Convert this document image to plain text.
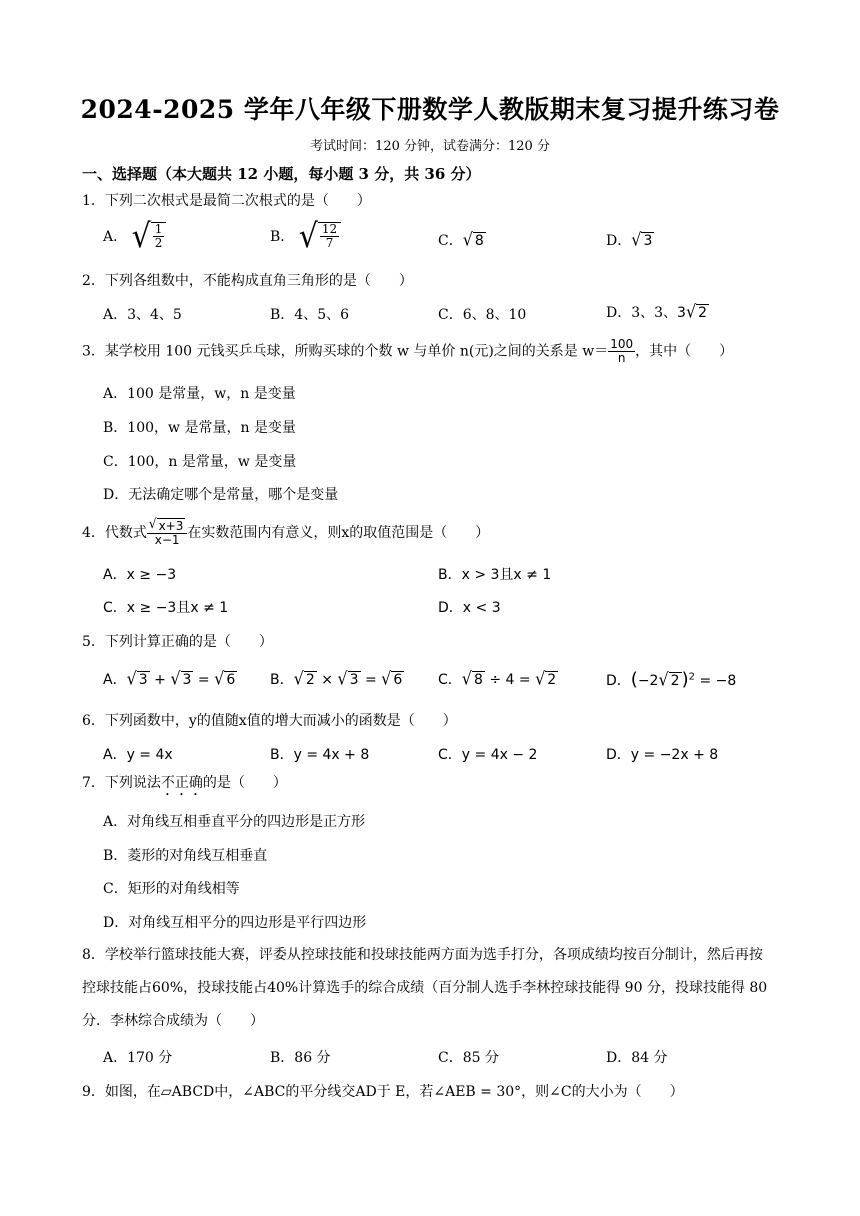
2024-2025 学年八年级下册数学人教版期末复习提升练习卷
考试时间：120 分钟，试卷满分：120 分
一、选择题（本大题共 12 小题，每小题 3 分，共 36 分）
1．下列二次根式是最简二次根式的是（　　）
A． √ $\frac{1}{2}$	B． √ $\frac{12}{7}$	C． √ 8	D． √ 3
2．下列各组数中，不能构成直角三角形的是（　　）
A．3、4、5	B．4、5、6	C．6、8、10	D．3、3、3 √ 2
3．某学校用 100 元钱买乒乓球，所购买球的个数 w 与单价 n(元)之间的关系是 $w= \frac{100}{n}$ ，其中（　　）
A．100 是常量，w，n 是变量
B．100，w 是常量，n 是变量
C．100，n 是常量，w 是变量
D．无法确定哪个是常量，哪个是变量
4．代数式 $\frac{√ x+3}{x-1}$ 在实数范围内有意义，则x的取值范围是（　　）
A．x ≥ −3	B．x > 3且x ≠ 1
C．x ≥ −3且x ≠ 1	D．x < 3
5．下列计算正确的是（　　）
A． √ 3 + √ 3 = √ 6 B． √ 2 × √ 3 = √ 6	C． √ 8 ÷ 4 = √ 2	D．(−2 √ 2 )$^2$ = −8
6．下列函数中，y的值随x值的增大而减小的函数是（　　）
A．y = 4x	B．y = 4x + 8	C．y = 4x − 2	D．y = −2x + 8
7．下列说法不正确的是（　　）
A．对角线互相垂直平分的四边形是正方形
B．菱形的对角线互相垂直
C．矩形的对角线相等
D．对角线互相平分的四边形是平行四边形
8．学校举行篮球技能大赛，评委从控球技能和投球技能两方面为选手打分，各项成绩均按百分制计，然后再按控球技能占60%，投球技能占40%计算选手的综合成绩（百分制人选手李林控球技能得 90 分，投球技能得 80 分．李林综合成绩为（　　）
A．170 分	B．86 分	C．85 分	D．84 分
9．如图，在▱ABCD中，∠ABC的平分线交AD于 E，若∠AEB = 30°，则∠C的大小为（　　）
